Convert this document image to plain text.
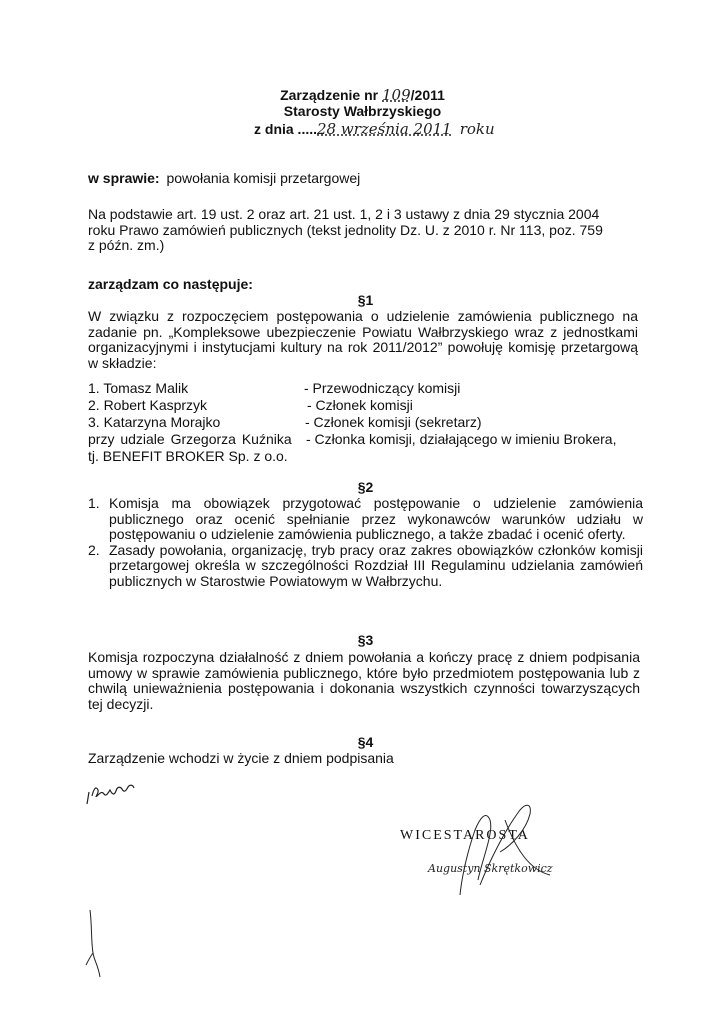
Zarządzenie nr 109/2011
Starosty Wałbrzyskiego
z dnia .....28 września 2011 roku
w sprawie: powołania komisji przetargowej
Na podstawie art. 19 ust. 2 oraz art. 21 ust. 1, 2 i 3 ustawy z dnia 29 stycznia 2004
roku Prawo zamówień publicznych (tekst jednolity Dz. U. z 2010 r. Nr 113, poz. 759
z późn. zm.)
zarządzam co następuje:
§1
W związku z rozpoczęciem postępowania o udzielenie zamówienia publicznego na zadanie pn. „Kompleksowe ubezpieczenie Powiatu Wałbrzyskiego wraz z jednostkami organizacyjnymi i instytucjami kultury na rok 2011/2012” powołuję komisję przetargową w składzie:
1. Tomasz Malik	- Przewodniczący komisji
2. Robert Kasprzyk	- Członek komisji
3. Katarzyna Morajko	- Członek komisji (sekretarz)
przy udziale Grzegorza Kuźnika - Członka komisji, działającego w imieniu Brokera,
tj. BENEFIT BROKER Sp. z o.o.
§2
1. Komisja ma obowiązek przygotować postępowanie o udzielenie zamówienia publicznego oraz ocenić spełnianie przez wykonawców warunków udziału w postępowaniu o udzielenie zamówienia publicznego, a także zbadać i ocenić oferty.
2. Zasady powołania, organizację, tryb pracy oraz zakres obowiązków członków komisji przetargowej określa w szczególności Rozdział III Regulaminu udzielania zamówień publicznych w Starostwie Powiatowym w Wałbrzychu.
§3
Komisja rozpoczyna działalność z dniem powołania a kończy pracę z dniem podpisania umowy w sprawie zamówienia publicznego, które było przedmiotem postępowania lub z chwilą unieważnienia postępowania i dokonania wszystkich czynności towarzyszących tej decyzji.
§4
Zarządzenie wchodzi w życie z dniem podpisania
WICESTAROSTA
Augustyn Skrętkowicz
